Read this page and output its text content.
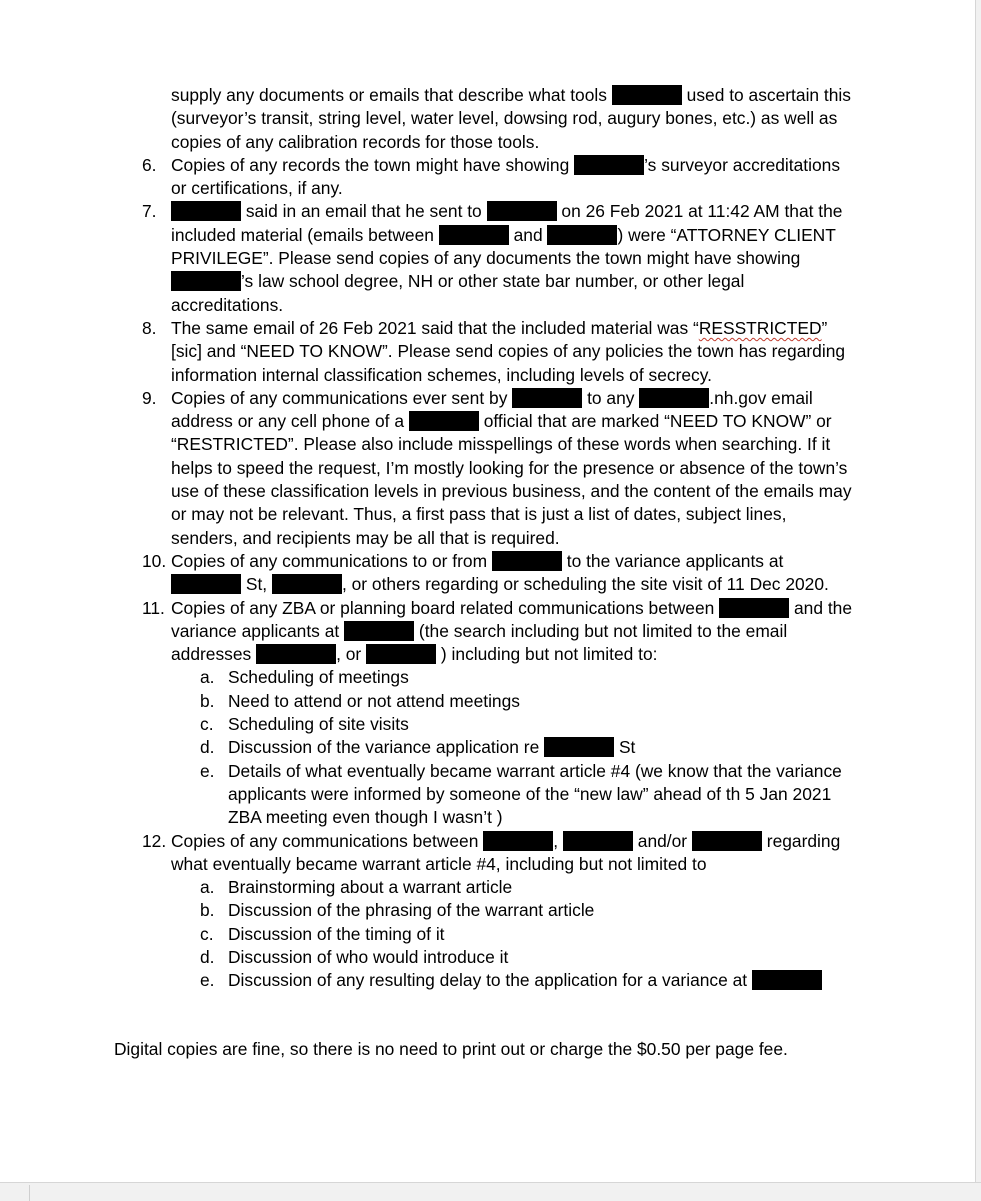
supply any documents or emails that describe what tools	used to ascertain this
(surveyor’s transit, string level, water level, dowsing rod, augury bones, etc.) as well as
copies of any calibration records for those tools.
6. Copies of any records the town might have showing	’s surveyor accreditations
or certifications, if any.
7.	said in an email that he sent to	on 26 Feb 2021 at 11:42 AM that the
included material (emails between	and	) were “ATTORNEY CLIENT
PRIVILEGE”. Please send copies of any documents the town might have showing
’s law school degree, NH or other state bar number, or other legal
accreditations.
8. The same email of 26 Feb 2021 said that the included material was “RESSTRICTED”
[sic] and “NEED TO KNOW”. Please send copies of any policies the town has regarding
information internal classification schemes, including levels of secrecy.
9. Copies of any communications ever sent by	to any	.nh.gov email
address or any cell phone of a	official that are marked “NEED TO KNOW” or
“RESTRICTED”. Please also include misspellings of these words when searching. If it
helps to speed the request, I’m mostly looking for the presence or absence of the town’s
use of these classification levels in previous business, and the content of the emails may
or may not be relevant. Thus, a first pass that is just a list of dates, subject lines,
senders, and recipients may be all that is required.
10. Copies of any communications to or from	to the variance applicants at
St,	, or others regarding or scheduling the site visit of 11 Dec 2020.
11. Copies of any ZBA or planning board related communications between	and the
variance applicants at	(the search including but not limited to the email
addresses	, or	) including but not limited to:
a. Scheduling of meetings
b. Need to attend or not attend meetings
c. Scheduling of site visits
d. Discussion of the variance application re	St
e. Details of what eventually became warrant article #4 (we know that the variance
applicants were informed by someone of the “new law” ahead of th 5 Jan 2021
ZBA meeting even though I wasn’t )
12. Copies of any communications between	,	and/or	regarding
what eventually became warrant article #4, including but not limited to
a. Brainstorming about a warrant article
b. Discussion of the phrasing of the warrant article
c. Discussion of the timing of it
d. Discussion of who would introduce it
e. Discussion of any resulting delay to the application for a variance at
Digital copies are fine, so there is no need to print out or charge the $0.50 per page fee.
